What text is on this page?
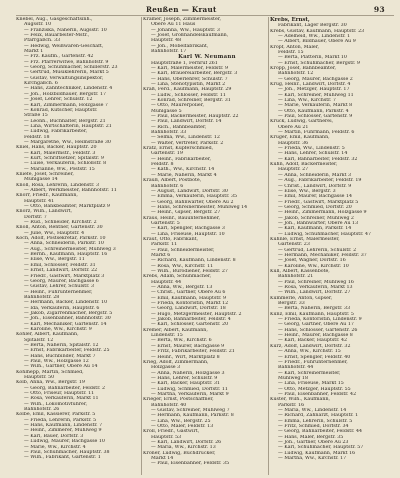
Reußen — Kraut	93

Knebel, Aug., Gasgeschäftsinh.,

Augsstr. 10

— Franziska, Näherin, Augsstr. 10

— Felix, Bauarbeiter-Mstr.,

Pfarrgäßch. 33

— Hedwig, Weißwaren-Geschäft,

Markt 1

— Frz. Kaufm., Gartenstr. 42

— Frz. Pfarrerwitwe, Bahnhofstr. 9

— Georg, Schuhmacher, Schillerstr. 23

— Gertrud, Musiklehrerin, Markt 5

— Gustav, Verwaltungsinspektor,

Kirchgäßch. 6

— Hans, Zahntechniker, Lindenstr. 4

— Joh., Holzbildhauer, Bergstr. 17

— Josef, Lehrer, Schulstr. 12

— Karl, Zimmermann, Holzgasse 7

— Konrad, Kutscher, Hauptstr.

Straße 15

— Leonh., Buchhalter, Bergstr. 21

— Lina, Wirtschafterin, Hauptstr. 21

— Ludwig, Fabrikarbeiter,

Feldstr. 18

— Margarethe, Ww., Heimstraße 30

Kniel, Hans, Bäcker, Hauptstr. 20

— Karl, Malermstr., Feldstr. 3

— Kurt, Schriftsetzer, Spitalstr. 9

— Luise, Verkäuferin, Schloßstr. 8

— Marianne, Ww., Poststr. 15

Kniefe, Josef, Schreiner,

Mühlgasse 14

Knoll, Rosa, Lehrerin, Lindenstr. 3

— Albert, Werkmeister, Bahnhofstr. 11

Knorr, Friedr., Kaufmann,

Hauptstr. 41

— Otto, Bankbeamter, Marktplatz 9

Knorz, Wilh., Landwirt,

Dorfstr. 7

— Rud., Schneider, Kirchstr. 2

Knöll, Anton, Rentner, Gartenstr. 30

— Julie, Ww., Hauptstr. 4

Koch, Adolf, Postsekretär, Parkstr. 10

— Anna, Schneiderin, Parkstr. 10

— Aug., Schreinermeister, Mühlweg 3

— Bernh., Kaufmann, Hauptstr. 16

— Elise, Ww., Bergstr. 11

— Emil, Schlosser, Feldstr. 31

— Ernst, Landwirt, Dorfstr. 22

— Friedr., Gastwirt, Marktplatz 3

— Georg, Maurer, Bachgasse 6

— Gustav, Lehrer, Schulstr. 3

— Heinr., Fuhrunternehmer,

Bahnhofstr. 28

— Hermann, Bäcker, Lindenstr. 10

— Ida, Verkäuferin, Hauptstr. 6

— Jakob, Zigarrenmacher, Bergstr. 5

— Joh., Eisenbahner, Bahnhofstr. 30

— Karl, Mechaniker, Gartenstr. 14

— Karoline, Ww., Kirchstr. 9

Kohler, Albert, Kaufmann,

Spitalstr. 12

— Berta, Näherin, Spitalstr. 12

— Ernst, Fabrikarbeiter, Feldstr. 25

— Hans, Buchbinder, Markt 7

— Paul, Ww., Holzgasse 12

— Wilh., Gärtner, Obere Au 14

Kohlhepp, Martin, Schmied,

Hauptstr. 50

Kolb, Anna, Ww., Bergstr. 19

— Georg, Bahnarbeiter, Feldstr. 2

— Otto, Friseur, Hauptstr. 11

— Rosa, Verkäuferin, Markt 11

— Wilh., Lokomotivführer,

Bahnhofstr. 26

Kolbe, Emil, Kassierer, Parkstr. 5

— Frieda, Lehrerin, Parkstr. 5

— Hans, Kaufmann, Lindenstr. 7

— Heinr., Zimmerer, Mühlweg 9

— Karl, Bauer, Dorfstr. 3

— Ludwig, Maurer, Bachgasse 10

— Marie, Ww., Kirchstr. 4

— Paul, Schuhmacher, Hauptstr. 38

— Wilh., Fabrikant, Gartenstr. 1

Kramer, Joseph, Zimmermeister,

Obere Au 11 Haus

— Johanna, Ww., Hauptstr. 3

— Josef, Großhandelskaufmann,

Hauptstr. 48

— Joh., Möbelfabrikant,

Bahnhofstr. 17

Karl W. Neumann

Hauptstraße 1, Fernruf 261

— Karl, Malermeister, Feldstr. 9

— Karl, Brauereiarbeiter, Bergstr. 3

— Hans, Oberlehrer, Schulstr. 7

— Lina, Stenotypistin, Markt 2

Kraß, Ferd., Kaufmann, Hauptstr. 29

— Ludw., Schlosser, Feldstr. 11

— Konrad, Schreiner, Bergstr. 31

— Otto, Maurerpolier,

Mühlgasse 5

— Paul, Bäckermeister, Hauptstr. 22

— Paul, Landwirt, Dorfstr. 14

— Rich., Bahnbeamter,

Bahnhofstr. 33

— Selma, Ww., Lindenstr. 12

— Walter, Vertreter, Parkstr. 2

Kratz, Ernst, Kupferschmied,

Gartenstr. 19

— Heinr., Fabrikarbeiter,

Feldstr. 8

— Kath., Ww., Kirchstr. 14

— Marie, Näherin, Markt 4

Krauß, Albert, Postbote,

Bahnhofstr. 6

— August, Landwirt, Dorfstr. 30

— Emma, Verkäuferin, Hauptstr. 35

— Georg, Bahnwärter, Obere Au 2

— Hans, Schreinermeister, Mühlweg 14

— Heinr., Gipser, Bergstr. 27

Kraus, Heinr., Bauunternehmer,

Gartenstr. 5

— Karl, Spengler, Bachgasse 3

— Lina, Friseuse, Hauptstr. 10

Kraut, Otto, Fabrikant,

Parkstr. 11

— Paul, Schneidermeister,

Markt 6

— Richard, Kaufmann, Lindenstr. 8

— Rosa, Ww., Kirchstr. 11

— Wilh., Bürodiener, Feldstr. 27

Krebs, Adam, Schuhmacher,

Hauptstr. 44

— Anna, Ww., Bergstr. 13

— Christ., Gärtner, Obere Au 6

— Emil, Kaufmann, Hauptstr. 9

— Frieda, Kontoristin, Markt 12

— Georg, Landwirt, Dorfstr. 18

— Hugo, Metzgermeister, Hauptstr. 2

— Jakob, Bahnarbeiter, Feldstr. 4

— Karl, Schlosser, Gartenstr. 20

Kremer, Albert, Kaufmann,

Lindenstr. 15

— Berta, Ww., Kirchstr. 6

— Ernst, Maurer, Bachgasse 9

— Fritz, Fabrikarbeiter, Feldstr. 21

— Heinr., Wirt, Marktplatz 8

Krieg, Adolf, Zimmermann,

Holzgasse 3

— Anna, Näherin, Holzgasse 3

— Hans, Lehrer, Schulstr. 9

— Karl, Bäcker, Hauptstr. 31

— Ludwig, Schmied, Dorfstr. 11

— Martha, Verkäuferin, Markt 9

Krieger, Ernst, Postschaffner,

Bahnhofstr. 40

— Gustav, Schreiner, Mühlweg 7

— Hermann, Kaufmann, Parkstr. 8

— Lina, Ww., Bergstr. 25

— Otto, Maler, Feldstr. 13

Kroll, Friedr., Gastwirt,

Hauptstr. 53

— Karl, Landwirt, Dorfstr. 26

— Maria, Ww., Kirchstr. 13

Kröner, Ludwig, Buchdrucker,

Markt 14

— Paul, Eisenbahner, Feldstr. 35

Krebs, Ernst,

Fabrikant, Lager Bergstr. 30

Krebs, Gustav, Kaufmann, Hauptstr. 23

— Adelheid, Ww., Lindenstr. 1

— Albert, Bildhauer, Obere Au 9

Kropf, Anton, Maler,

Feldstr. 15

— Berta, Plätterin, Markt 10

— Ernst, Schuhmacher, Bergstr. 9

Kropp, Josef, Bahnbeamter,

Bahnhofstr. 12

— Georg, Maurer, Bachgasse 2

Krug, Heinr., Landwirt, Dorfstr. 4

— Joh., Metzger, Hauptstr. 17

— Karl, Schreiner, Mühlweg 11

— Lina, Ww., Kirchstr. 7

— Marie, Verkäuferin, Markt 8

— Otto, Kaufmann, Parkstr. 4

— Paul, Schlosser, Gartenstr. 9

Kruck, Ludwig, Gärtnerei,

Obere Au 21

— Martin, Fuhrmann, Feldstr. 6

Krüger, Emil, Kaufmann,

Hauptstr. 36

— Frieda, Ww., Lindenstr. 5

— Hans, Lehrer, Schulstr. 14

— Karl, Bahnarbeiter, Feldstr. 32

Kuhn, Adolf, Bäckermeister,

Hauptstr. 27

— Anna, Schneiderin, Markt 3

— Aug., Fabrikarbeiter, Feldstr. 19

— Christ., Landwirt, Dorfstr. 9

— Elise, Ww., Bergstr. 3

— Emil, Maurer, Bachgasse 14

— Friedr., Gastwirt, Marktplatz 5

— Georg, Schmied, Dorfstr. 20

— Heinr., Zimmermann, Holzgasse 9

— Jakob, Schreiner, Mühlweg 2

— Joh., Bahnwärter, Obere Au 13

— Karl, Kaufmann, Parkstr. 14

— Ludwig, Schuhmacher, Hauptstr. 47

Kuhnle, Ernst, Malermeister,

Gartenstr. 23

— Gertrud, Lehrerin, Schulstr. 2

— Hermann, Mechaniker, Feldstr. 37

— Josef, Wagner, Dorfstr. 16

— Karoline, Ww., Kirchstr. 10

Kull, Albert, Kassenbote,

Bahnhofstr. 21

— Paul, Schreiner, Mühlweg 16

— Rosa, Verkäuferin, Markt 13

— Wilh., Landwirt, Dorfstr. 27

Kümmerle, Anton, Gipser,

Bergstr. 33

— Berta, Näherin, Bergstr. 33

Kunz, Emil, Kaufmann, Hauptstr. 5

— Frieda, Kontoristin, Lindenstr. 9

— Georg, Gärtner, Obere Au 17

— Hans, Schlosser, Gartenstr. 26

— Heinr., Maurer, Bachgasse 8

— Karl, Bäcker, Hauptstr. 42

Kurz, Adolf, Landwirt, Dorfstr. 32

— Anna, Ww., Kirchstr. 15

— Ernst, Spengler, Feldstr. 40

— Friedr., Fuhrunternehmer,

Bahnhofstr. 44

— Karl, Schreinermeister,

Mühlweg 18

— Lina, Friseuse, Markt 15

— Otto, Metzger, Hauptstr. 55

— Paul, Eisenbahner, Feldstr. 42

Küster, Wilh., Kaufmann,

Parkstr. 16

— Maria, Ww., Lindenstr. 14

— Richard, Zahnarzt, Hauptstr. 1

— Emma, Lehrerin, Schulstr. 5

— Fritz, Schmied, Dorfstr. 34

— Georg, Bahnarbeiter, Feldstr. 44

— Hans, Maler, Bergstr. 35

— Joh., Gärtner, Obere Au 23

— Karl, Schuhmacher, Hauptstr. 57

— Ludwig, Kaufmann, Markt 16

— Martha, Ww., Kirchstr. 17
